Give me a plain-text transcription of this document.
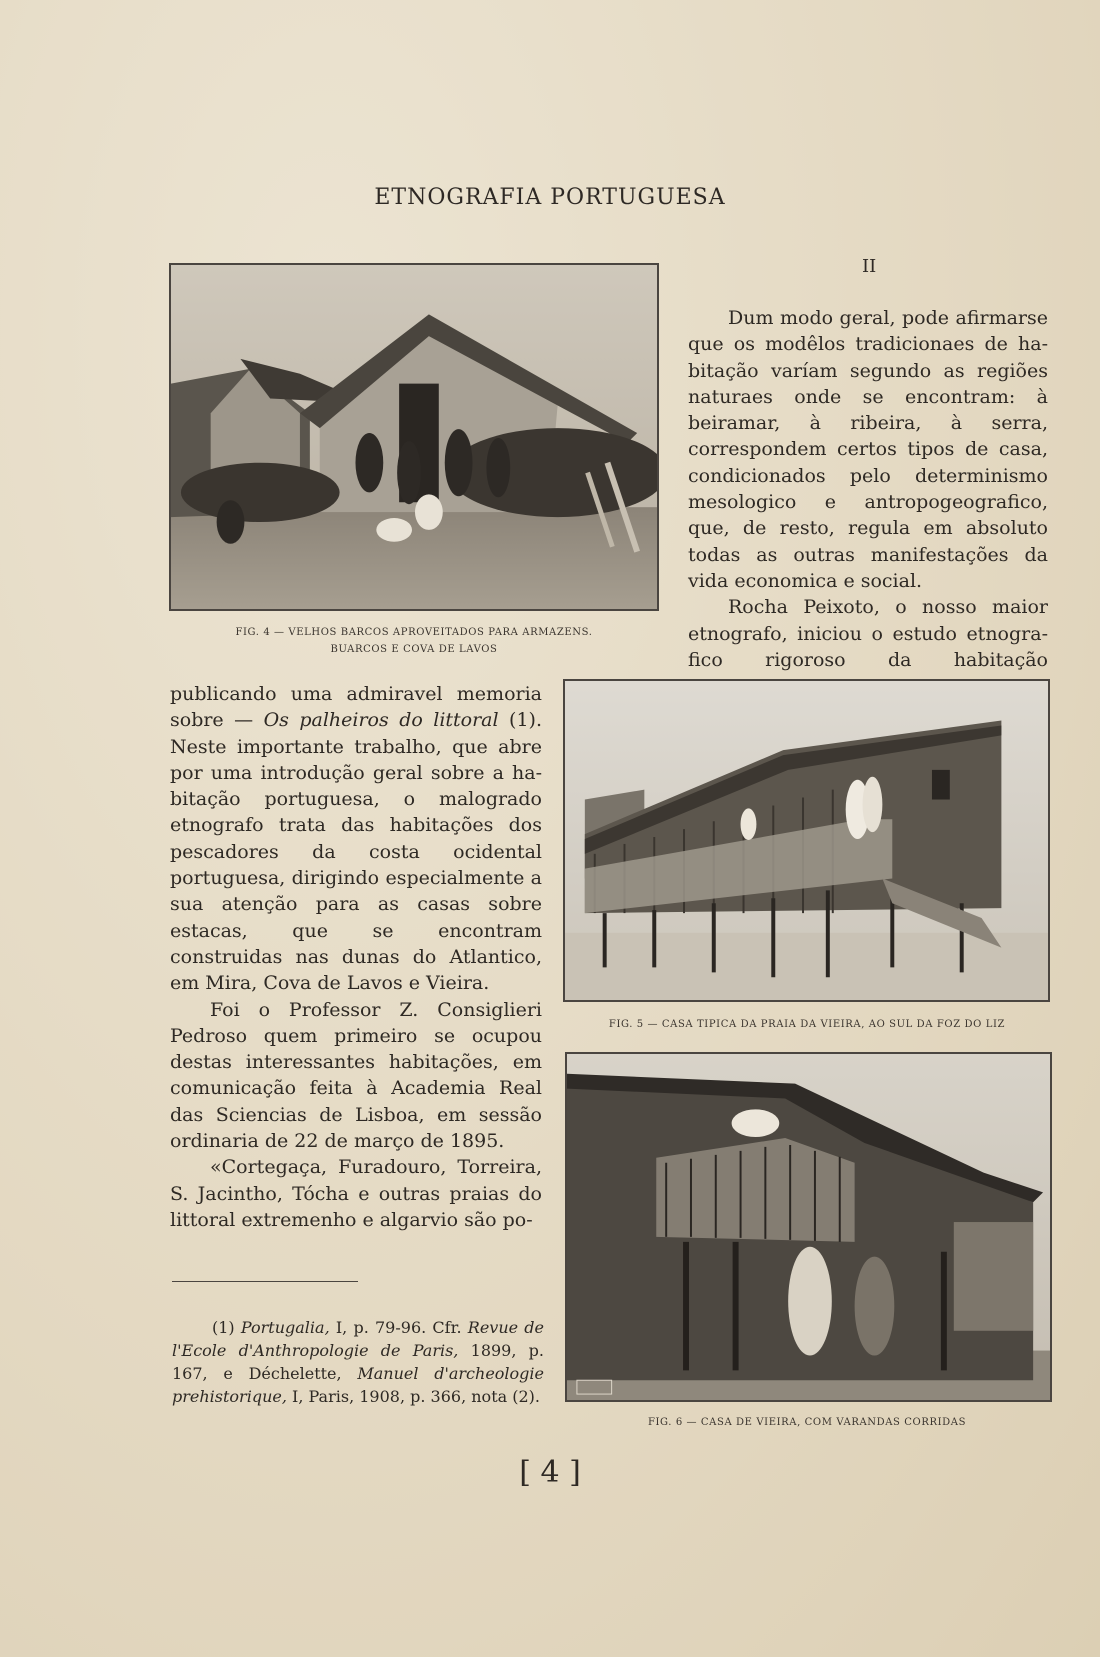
ETNOGRAFIA PORTUGUESA
II
FIG. 4 — VELHOS BARCOS APROVEITADOS PARA ARMAZENS.
BUARCOS E COVA DE LAVOS

Dum modo geral, pode afirmarse que os modêlos tradicionaes de habitação varíam segundo as regiões naturaes onde se encontram: à beiramar, à ribeira, à serra, correspondem certos tipos de casa, condicionados pelo determinismo mesologico e antropogeografico, que, de resto, regula em absoluto todas as outras manifestações da vida economica e social.

Rocha Peixoto, o nosso maior etnografo, iniciou o estudo etnografico rigoroso da habitação

publicando uma admiravel memoria sobre — Os palheiros do littoral (1). Neste importante trabalho, que abre por uma introdução geral sobre a habitação portuguesa, o malogrado etnografo trata das habitações dos pescadores da costa ocidental portuguesa, dirigindo especialmente a sua atenção para as casas sobre estacas, que se encontram construidas nas dunas do Atlantico, em Mira, Cova de Lavos e Vieira.

Foi o Professor Z. Consiglieri Pedroso quem primeiro se ocupou destas interessantes habitações, em comunicação feita à Academia Real das Sciencias de Lisboa, em sessão ordinaria de 22 de março de 1895.

«Cortegaça, Furadouro, Torreira, S. Jacintho, Tócha e outras praias do littoral extremenho e algarvio são po-

FIG. 5 — CASA TIPICA DA PRAIA DA VIEIRA, AO SUL DA FOZ DO LIZ
FIG. 6 — CASA DE VIEIRA, COM VARANDAS CORRIDAS

(1) Portugalia, I, p. 79-96. Cfr. Revue de l'Ecole d'Anthropologie de Paris, 1899, p. 167, e Déchelette, Manuel d'archeologie prehistorique, I, Paris, 1908, p. 366, nota (2).

[ 4 ]
